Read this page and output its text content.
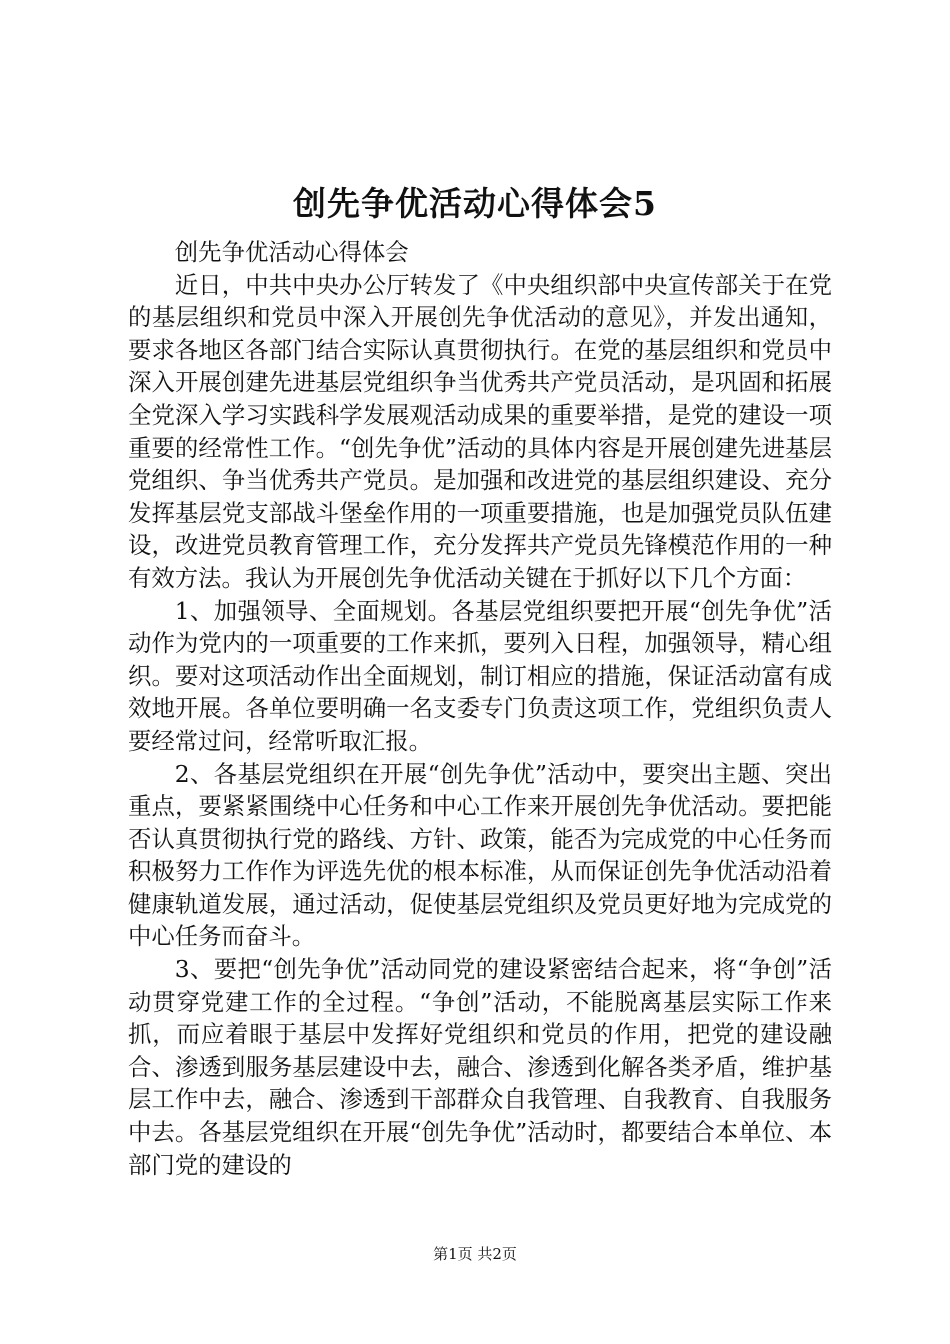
创先争优活动心得体会5

创先争优活动心得体会

近日，中共中央办公厅转发了《中央组织部中央宣传部关于在党的基层组织和党员中深入开展创先争优活动的意见》，并发出通知，要求各地区各部门结合实际认真贯彻执行。在党的基层组织和党员中深入开展创建先进基层党组织争当优秀共产党员活动，是巩固和拓展全党深入学习实践科学发展观活动成果的重要举措，是党的建设一项重要的经常性工作。“创先争优”活动的具体内容是开展创建先进基层党组织、争当优秀共产党员。是加强和改进党的基层组织建设、充分发挥基层党支部战斗堡垒作用的一项重要措施，也是加强党员队伍建设，改进党员教育管理工作，充分发挥共产党员先锋模范作用的一种有效方法。我认为开展创先争优活动关键在于抓好以下几个方面：

1、加强领导、全面规划。各基层党组织要把开展“创先争优”活动作为党内的一项重要的工作来抓，要列入日程，加强领导，精心组织。要对这项活动作出全面规划，制订相应的措施，保证活动富有成效地开展。各单位要明确一名支委专门负责这项工作，党组织负责人要经常过问，经常听取汇报。

2、各基层党组织在开展“创先争优”活动中，要突出主题、突出重点，要紧紧围绕中心任务和中心工作来开展创先争优活动。要把能否认真贯彻执行党的路线、方针、政策，能否为完成党的中心任务而积极努力工作作为评选先优的根本标准，从而保证创先争优活动沿着健康轨道发展，通过活动，促使基层党组织及党员更好地为完成党的中心任务而奋斗。

3、要把“创先争优”活动同党的建设紧密结合起来，将“争创”活动贯穿党建工作的全过程。“争创”活动，不能脱离基层实际工作来抓，而应着眼于基层中发挥好党组织和党员的作用，把党的建设融合、渗透到服务基层建设中去，融合、渗透到化解各类矛盾，维护基层工作中去，融合、渗透到干部群众自我管理、自我教育、自我服务中去。各基层党组织在开展“创先争优”活动时，都要结合本单位、本部门党的建设的

第1页 共2页
